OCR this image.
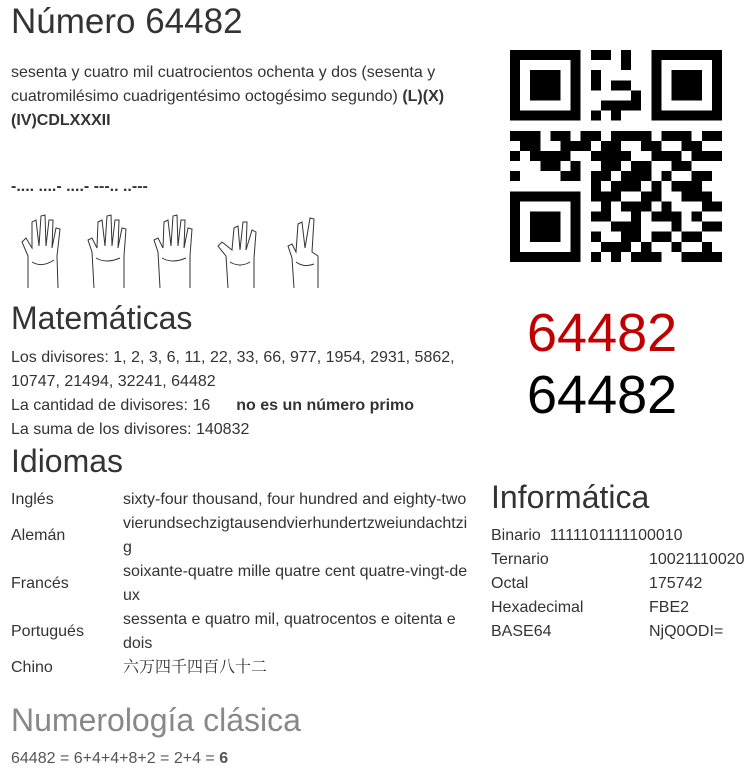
Número 64482
sesenta y cuatro mil cuatrocientos ochenta y dos (sesenta y cuatromilésimo cuadrigentésimo octogésimo segundo) (L)(X)(IV)CDLXXXII
-.... ....- ....- ---.. ..---
64482
64482
Matemáticas
Los divisores: 1, 2, 3, 6, 11, 22, 33, 66, 977, 1954, 2931, 5862, 10747, 21494, 32241, 64482
La cantidad de divisores:
16 no es un número primo
La suma de los divisores: 140832
Idiomas
Inglés	sixty-four thousand, four hundred and eighty-two
Alemán	vierundsechzigtausendvierhundertzweiundachtzig
Francés	soixante-quatre mille quatre cent quatre-vingt-deux
Portugués	sessenta e quatro mil, quatrocentos e oitenta e dois
Chino	六万四千四百八十二
Informática
Binario 1111101111100010	
Ternario	10021110020
Octal	175742
Hexadecimal	FBE2
BASE64	NjQ0ODI=
Numerología clásica
64482 = 6+4+4+8+2 = 2+4 = 6
